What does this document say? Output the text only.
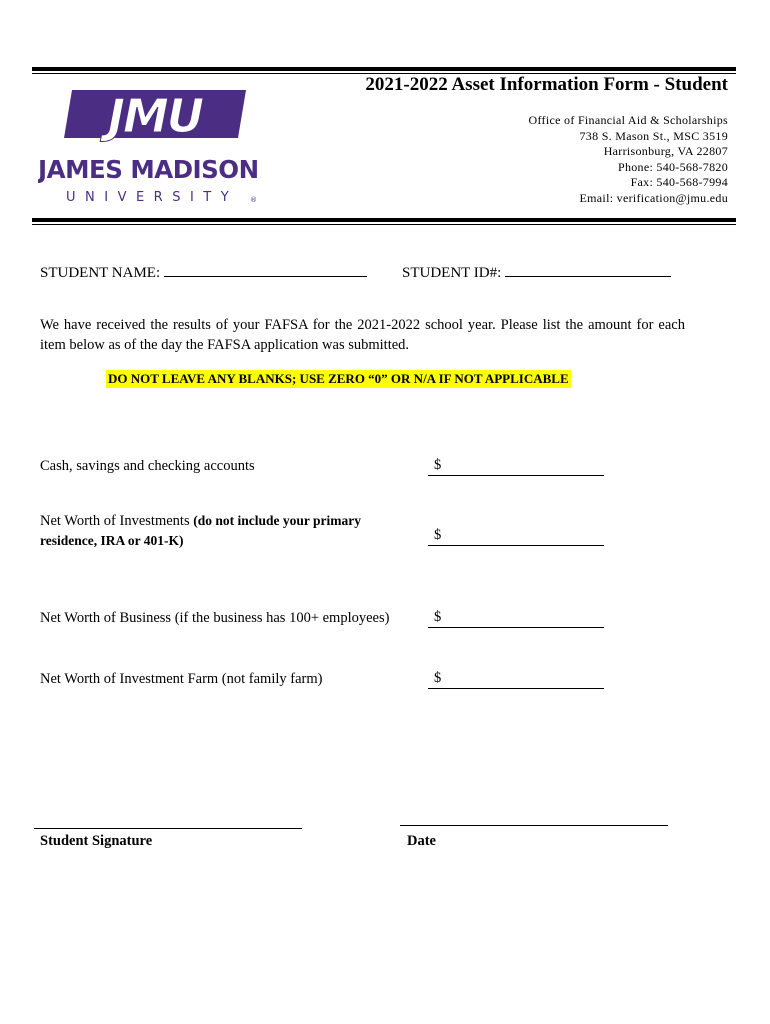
JMU
JAMES MADISON
UNIVERSITY ®
2021-2022 Asset Information Form - Student
Office of Financial Aid & Scholarships
738 S. Mason St., MSC 3519
Harrisonburg, VA 22807
Phone: 540-568-7820
Fax: 540-568-7994
Email: verification@jmu.edu
STUDENT NAME:	STUDENT ID#:
We have received the results of your FAFSA for the 2021-2022 school year. Please list the amount for each item below as of the day the FAFSA application was submitted.
DO NOT LEAVE ANY BLANKS; USE ZERO “0” OR N/A IF NOT APPLICABLE
Cash, savings and checking accounts	$
Net Worth of Investments (do not include your primary residence, IRA or 401-K)	$
Net Worth of Business (if the business has 100+ employees)	$
Net Worth of Investment Farm (not family farm)	$
Student Signature	Date
